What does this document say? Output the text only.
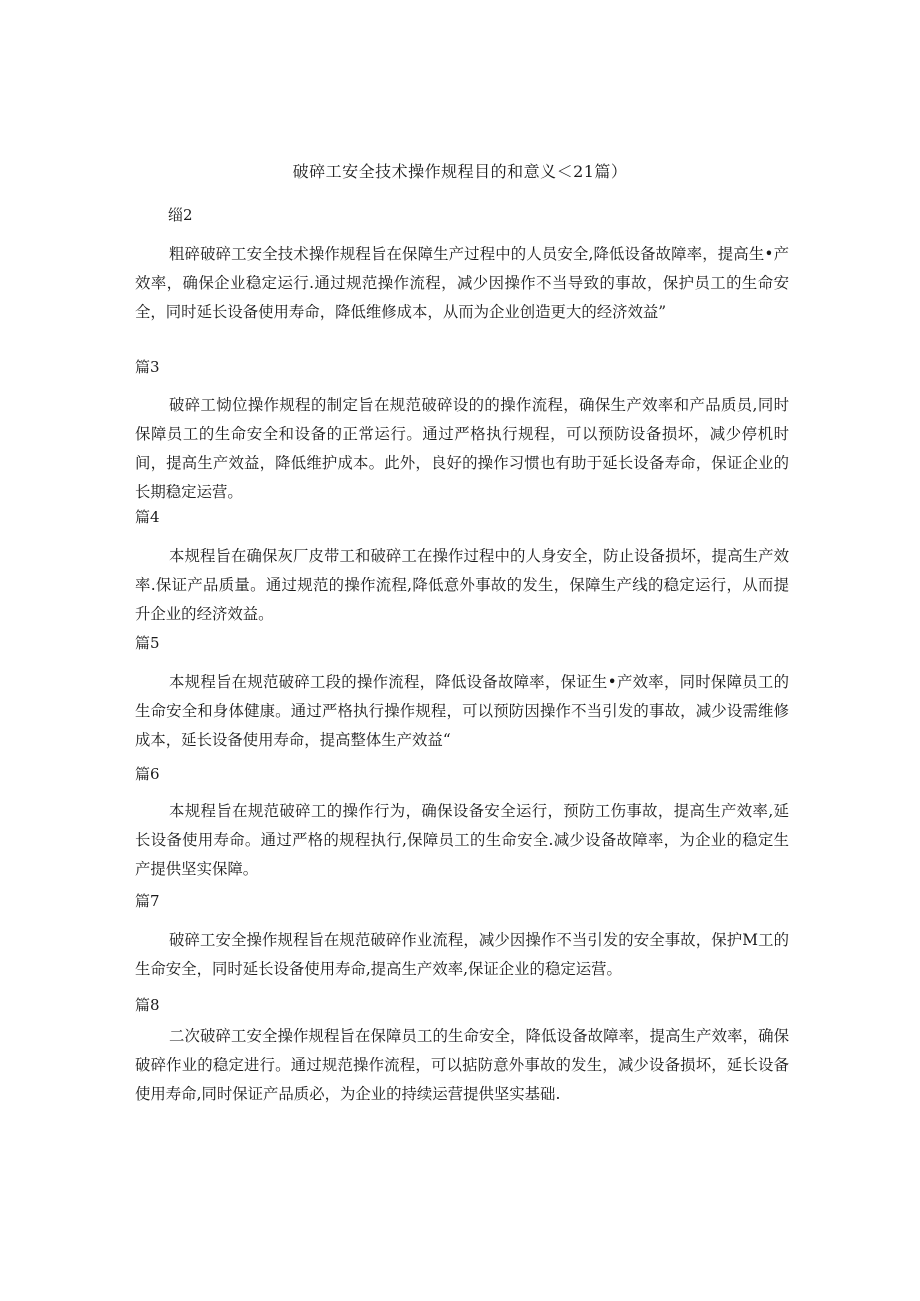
破碎工安全技术操作规程目的和意义＜21篇）
缁2

粗碎破碎工安全技术操作规程旨在保障生产过程中的人员安全,降低设备故障率，提高生•产效率，确保企业稳定运行.通过规范操作流程，减少因操作不当导致的事故，保护员工的生命安全，同时延长设备使用寿命，降低维修成本，从而为企业创造更大的经济效益”

篇3

破碎工恸位操作规程的制定旨在规范破碎设的的操作流程，确保生产效率和产品质员,同时保障员工的生命安全和设备的正常运行。通过严格执行规程，可以预防设备损坏，减少停机时间，提高生产效益，降低维护成本。此外，良好的操作习惯也有助于延长设备寿命，保证企业的长期稳定运营。

篇4

本规程旨在确保灰厂皮带工和破碎工在操作过程中的人身安全，防止设备损坏，提高生产效率.保证产品质量。通过规范的操作流程,降低意外事故的发生，保障生产线的稳定运行，从而提升企业的经济效益。

篇5

本规程旨在规范破碎工段的操作流程，降低设备故障率，保证生•产效率，同时保障员工的生命安全和身体健康。通过严格执行操作规程，可以预防因操作不当引发的事故，减少设需维修成本，延长设备使用寿命，提高整体生产效益“

篇6

本规程旨在规范破碎工的操作行为，确保设备安全运行，预防工伤事故，提高生产效率,延长设备使用寿命。通过严格的规程执行,保障员工的生命安全.减少设备故障率，为企业的稳定生产提供坚实保障。

篇7

破碎工安全操作规程旨在规范破碎作业流程，减少因操作不当引发的安全事故，保护M工的生命安全，同时延长设备使用寿命,提高生产效率,保证企业的稳定运营。

篇8

二次破碎工安全操作规程旨在保障员工的生命安全，降低设备故障率，提高生产效率，确保破碎作业的稳定进行。通过规范操作流程，可以掂防意外事故的发生，减少设备损坏，延长设备使用寿命,同时保证产品质必，为企业的持续运营提供坚实基础.
